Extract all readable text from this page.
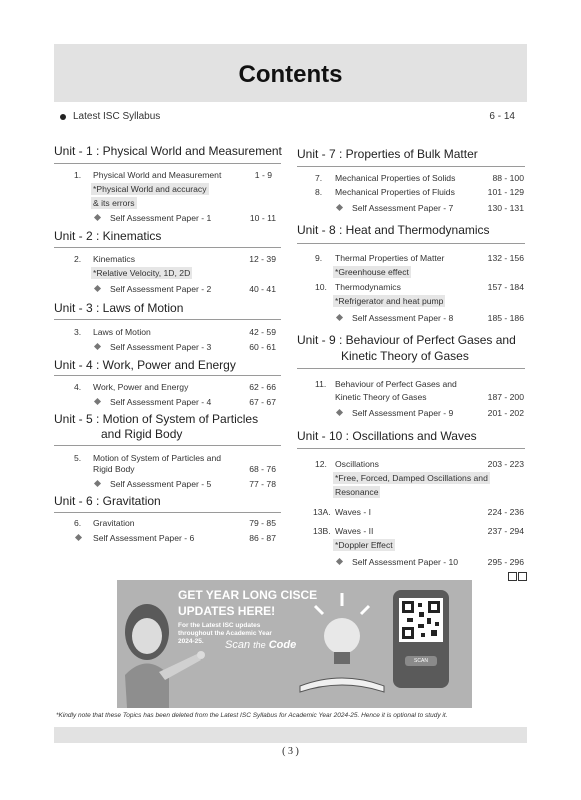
Contents
Latest ISC Syllabus	6 - 14
Unit - 1 : Physical World and Measurement
1. Physical World and Measurement	1 - 9
*Physical World and accuracy
& its errors
Self Assessment Paper - 1	10 - 11
Unit - 2 : Kinematics
2. Kinematics	12 - 39
*Relative Velocity, 1D, 2D
Self Assessment Paper - 2	40 - 41
Unit - 3 : Laws of Motion
3. Laws of Motion	42 - 59
Self Assessment Paper - 3	60 - 61
Unit - 4 : Work, Power and Energy
4. Work, Power and Energy	62 - 66
Self Assessment Paper - 4	67 - 67
Unit - 5 : Motion of System of Particles
and Rigid Body
5. Motion of System of Particles and
Rigid Body	68 - 76
Self Assessment Paper - 5	77 - 78
Unit - 6 : Gravitation
6. Gravitation	79 - 85
Self Assessment Paper - 6	86 - 87
Unit - 7 : Properties of Bulk Matter
7. Mechanical Properties of Solids	88 - 100
8. Mechanical Properties of Fluids	101 - 129
Self Assessment Paper - 7	130 - 131
Unit - 8 : Heat and Thermodynamics
9. Thermal Properties of Matter	132 - 156
*Greenhouse effect
10. Thermodynamics	157 - 184
*Refrigerator and heat pump
Self Assessment Paper - 8	185 - 186
Unit - 9 : Behaviour of Perfect Gases and
Kinetic Theory of Gases
11. Behaviour of Perfect Gases and
Kinetic Theory of Gases	187 - 200
Self Assessment Paper - 9	201 - 202
Unit - 10 : Oscillations and Waves
12. Oscillations	203 - 223
*Free, Forced, Damped Oscillations and
Resonance
13A. Waves - I	224 - 236
13B. Waves - II	237 - 294
*Doppler Effect
Self Assessment Paper - 10	295 - 296
GET YEAR LONG CISCE
UPDATES HERE!
For the Latest ISC updates
throughout the Academic Year
2024-25. Scan the Code
SCAN
*Kindly note that these Topics has been deleted from the Latest ISC Syllabus for Academic Year 2024-25. Hence it is optional to study it.
( 3 )
